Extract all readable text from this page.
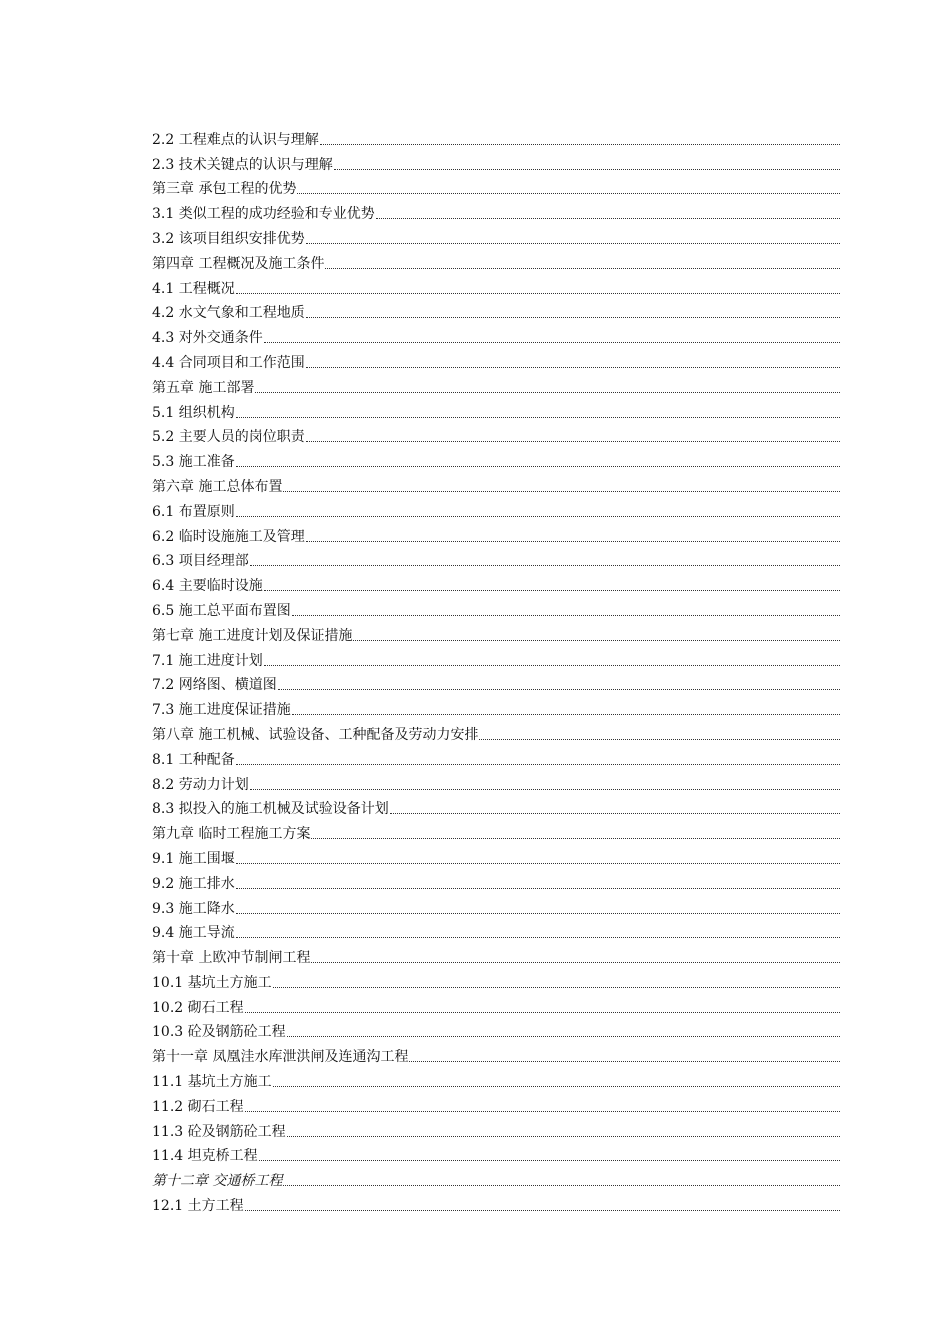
2.2 工程难点的认识与理解
2.3 技术关键点的认识与理解
第三章 承包工程的优势
3.1 类似工程的成功经验和专业优势
3.2 该项目组织安排优势
第四章 工程概况及施工条件
4.1 工程概况
4.2 水文气象和工程地质
4.3 对外交通条件
4.4 合同项目和工作范围
第五章 施工部署
5.1 组织机构
5.2 主要人员的岗位职责
5.3 施工准备
第六章 施工总体布置
6.1 布置原则
6.2 临时设施施工及管理
6.3 项目经理部
6.4 主要临时设施
6.5 施工总平面布置图
第七章 施工进度计划及保证措施
7.1 施工进度计划
7.2 网络图、横道图
7.3 施工进度保证措施
第八章 施工机械、试验设备、工种配备及劳动力安排
8.1 工种配备
8.2 劳动力计划
8.3 拟投入的施工机械及试验设备计划
第九章 临时工程施工方案
9.1 施工围堰
9.2 施工排水
9.3 施工降水
9.4 施工导流
第十章 上欧冲节制闸工程
10.1 基坑土方施工
10.2 砌石工程
10.3 砼及钢筋砼工程
第十一章 凤凰洼水库泄洪闸及连通沟工程
11.1 基坑土方施工
11.2 砌石工程
11.3 砼及钢筋砼工程
11.4 坦克桥工程
第十二章 交通桥工程
12.1 土方工程
